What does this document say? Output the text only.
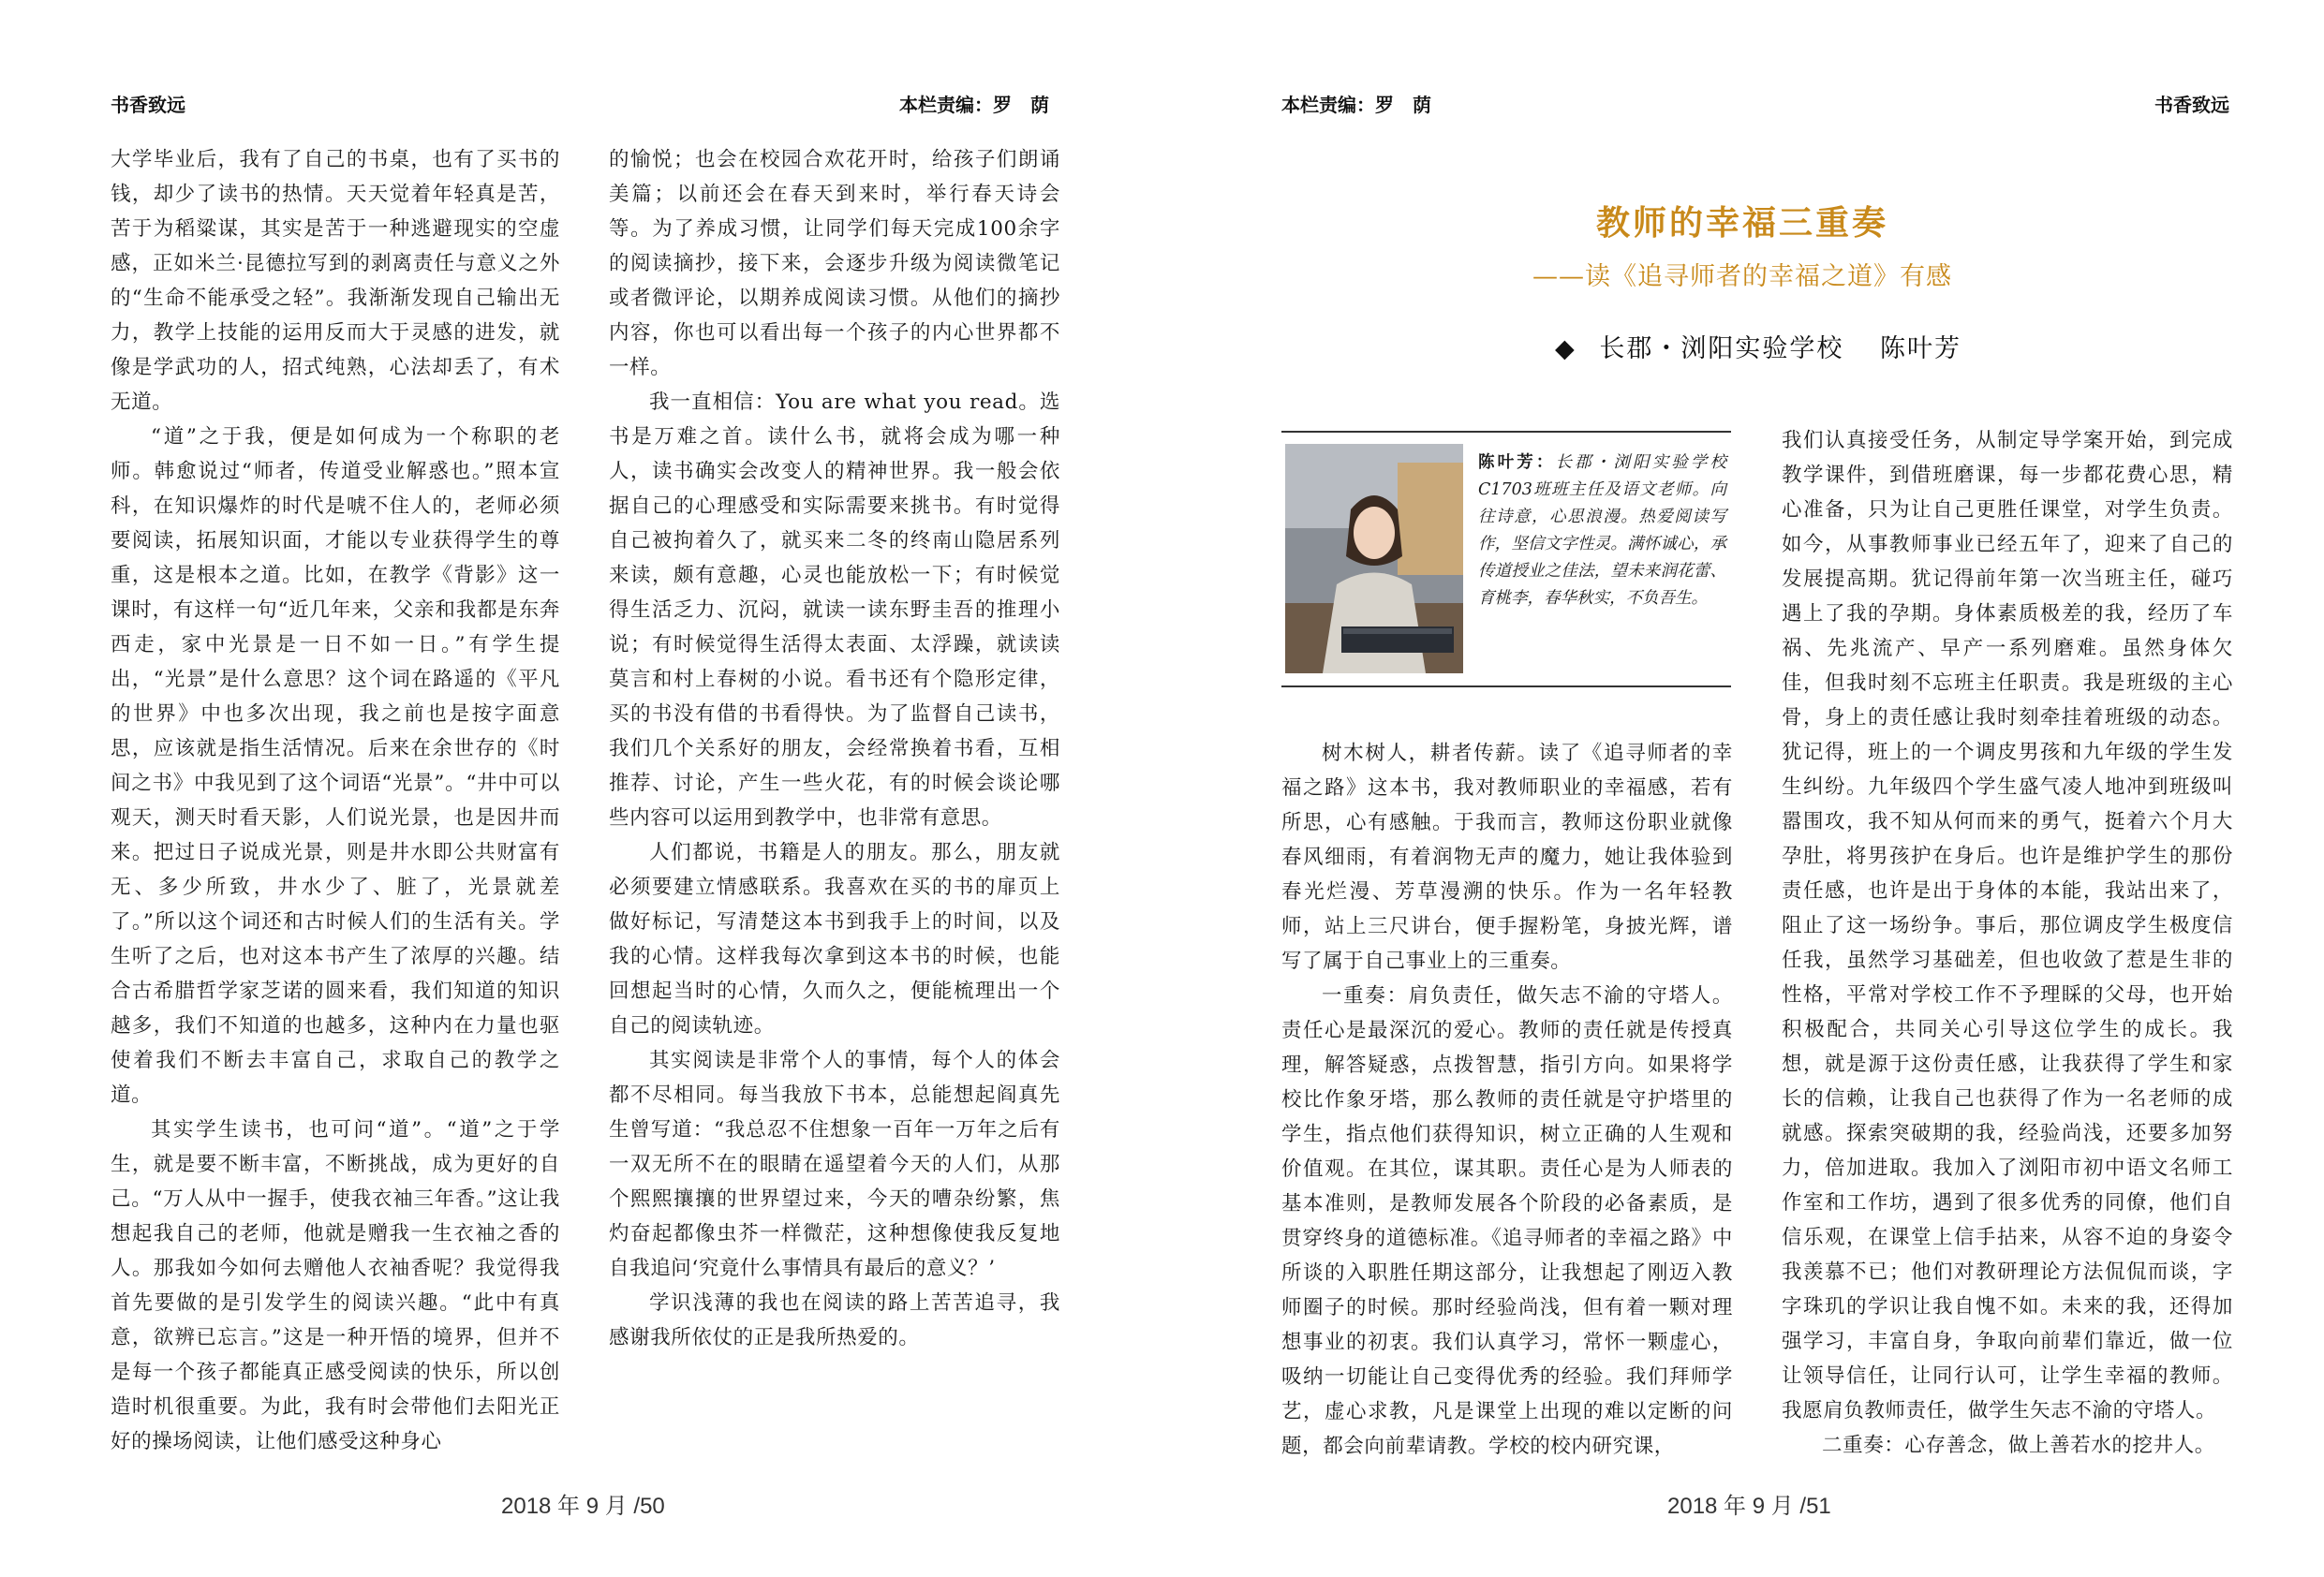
书香致远	本栏责编：罗　荫

大学毕业后，我有了自己的书桌，也有了买书的钱，却少了读书的热情。天天觉着年轻真是苦，苦于为稻粱谋，其实是苦于一种逃避现实的空虚感，正如米兰·昆德拉写到的剥离责任与意义之外的“生命不能承受之轻”。我渐渐发现自己输出无力，教学上技能的运用反而大于灵感的进发，就像是学武功的人，招式纯熟，心法却丢了，有术无道。

“道”之于我，便是如何成为一个称职的老师。韩愈说过“师者，传道受业解惑也。”照本宣科，在知识爆炸的时代是唬不住人的，老师必须要阅读，拓展知识面，才能以专业获得学生的尊重，这是根本之道。比如，在教学《背影》这一课时，有这样一句“近几年来，父亲和我都是东奔西走，家中光景是一日不如一日。”有学生提出，“光景”是什么意思？这个词在路遥的《平凡的世界》中也多次出现，我之前也是按字面意思，应该就是指生活情况。后来在余世存的《时间之书》中我见到了这个词语“光景”。“井中可以观天，测天时看天影，人们说光景，也是因井而来。把过日子说成光景，则是井水即公共财富有无、多少所致，井水少了、脏了，光景就差了。”所以这个词还和古时候人们的生活有关。学生听了之后，也对这本书产生了浓厚的兴趣。结合古希腊哲学家芝诺的圆来看，我们知道的知识越多，我们不知道的也越多，这种内在力量也驱使着我们不断去丰富自己，求取自己的教学之道。

其实学生读书，也可问“道”。“道”之于学生，就是要不断丰富，不断挑战，成为更好的自己。“万人从中一握手，使我衣袖三年香。”这让我想起我自己的老师，他就是赠我一生衣袖之香的人。那我如今如何去赠他人衣袖香呢？我觉得我首先要做的是引发学生的阅读兴趣。“此中有真意，欲辨已忘言。”这是一种开悟的境界，但并不是每一个孩子都能真正感受阅读的快乐，所以创造时机很重要。为此，我有时会带他们去阳光正好的操场阅读，让他们感受这种身心

的愉悦；也会在校园合欢花开时，给孩子们朗诵美篇；以前还会在春天到来时，举行春天诗会等。为了养成习惯，让同学们每天完成100余字的阅读摘抄，接下来，会逐步升级为阅读微笔记或者微评论，以期养成阅读习惯。从他们的摘抄内容，你也可以看出每一个孩子的内心世界都不一样。

我一直相信：You are what you read。选书是万难之首。读什么书，就将会成为哪一种人，读书确实会改变人的精神世界。我一般会依据自己的心理感受和实际需要来挑书。有时觉得自己被拘着久了，就买来二冬的终南山隐居系列来读，颇有意趣，心灵也能放松一下；有时候觉得生活乏力、沉闷，就读一读东野圭吾的推理小说；有时候觉得生活得太表面、太浮躁，就读读莫言和村上春树的小说。看书还有个隐形定律，买的书没有借的书看得快。为了监督自己读书，我们几个关系好的朋友，会经常换着书看，互相推荐、讨论，产生一些火花，有的时候会谈论哪些内容可以运用到教学中，也非常有意思。

人们都说，书籍是人的朋友。那么，朋友就必须要建立情感联系。我喜欢在买的书的扉页上做好标记，写清楚这本书到我手上的时间，以及我的心情。这样我每次拿到这本书的时候，也能回想起当时的心情，久而久之，便能梳理出一个自己的阅读轨迹。

其实阅读是非常个人的事情，每个人的体会都不尽相同。每当我放下书本，总能想起阎真先生曾写道：“我总忍不住想象一百年一万年之后有一双无所不在的眼睛在遥望着今天的人们，从那个熙熙攘攘的世界望过来，今天的嘈杂纷繁，焦灼奋起都像虫芥一样微茫，这种想像使我反复地自我追问‘究竟什么事情具有最后的意义？’

学识浅薄的我也在阅读的路上苦苦追寻，我感谢我所依仗的正是我所热爱的。

2018 年 9 月 /50
本栏责编：罗　荫	书香致远
教师的幸福三重奏
——读《追寻师者的幸福之道》有感
◆ 长郡・浏阳实验学校 陈叶芳
陈叶芳：长郡・浏阳实验学校C1703班班主任及语文老师。向往诗意，心思浪漫。热爱阅读写作，坚信文字性灵。满怀诚心，承传道授业之佳法，望未来润花蕾、育桃李，春华秋实，不负吾生。

树木树人，耕者传薪。读了《追寻师者的幸福之路》这本书，我对教师职业的幸福感，若有所思，心有感触。于我而言，教师这份职业就像春风细雨，有着润物无声的魔力，她让我体验到春光烂漫、芳草漫溯的快乐。作为一名年轻教师，站上三尺讲台，便手握粉笔，身披光辉，谱写了属于自己事业上的三重奏。

一重奏：肩负责任，做矢志不渝的守塔人。责任心是最深沉的爱心。教师的责任就是传授真理，解答疑惑，点拨智慧，指引方向。如果将学校比作象牙塔，那么教师的责任就是守护塔里的学生，指点他们获得知识，树立正确的人生观和价值观。在其位，谋其职。责任心是为人师表的基本准则，是教师发展各个阶段的必备素质，是贯穿终身的道德标准。《追寻师者的幸福之路》中所谈的入职胜任期这部分，让我想起了刚迈入教师圈子的时候。那时经验尚浅，但有着一颗对理想事业的初衷。我们认真学习，常怀一颗虚心，吸纳一切能让自己变得优秀的经验。我们拜师学艺，虚心求教，凡是课堂上出现的难以定断的问题，都会向前辈请教。学校的校内研究课，

我们认真接受任务，从制定导学案开始，到完成教学课件，到借班磨课，每一步都花费心思，精心准备，只为让自己更胜任课堂，对学生负责。如今，从事教师事业已经五年了，迎来了自己的发展提高期。犹记得前年第一次当班主任，碰巧遇上了我的孕期。身体素质极差的我，经历了车祸、先兆流产、早产一系列磨难。虽然身体欠佳，但我时刻不忘班主任职责。我是班级的主心骨，身上的责任感让我时刻牵挂着班级的动态。犹记得，班上的一个调皮男孩和九年级的学生发生纠纷。九年级四个学生盛气凌人地冲到班级叫嚣围攻，我不知从何而来的勇气，挺着六个月大孕肚，将男孩护在身后。也许是维护学生的那份责任感，也许是出于身体的本能，我站出来了，阻止了这一场纷争。事后，那位调皮学生极度信任我，虽然学习基础差，但也收敛了惹是生非的性格，平常对学校工作不予理睬的父母，也开始积极配合，共同关心引导这位学生的成长。我想，就是源于这份责任感，让我获得了学生和家长的信赖，让我自己也获得了作为一名老师的成就感。探索突破期的我，经验尚浅，还要多加努力，倍加进取。我加入了浏阳市初中语文名师工作室和工作坊，遇到了很多优秀的同僚，他们自信乐观，在课堂上信手拈来，从容不迫的身姿令我羡慕不已；他们对教研理论方法侃侃而谈，字字珠玑的学识让我自愧不如。未来的我，还得加强学习，丰富自身，争取向前辈们靠近，做一位让领导信任，让同行认可，让学生幸福的教师。我愿肩负教师责任，做学生矢志不渝的守塔人。

二重奏：心存善念，做上善若水的挖井人。

2018 年 9 月 /51
